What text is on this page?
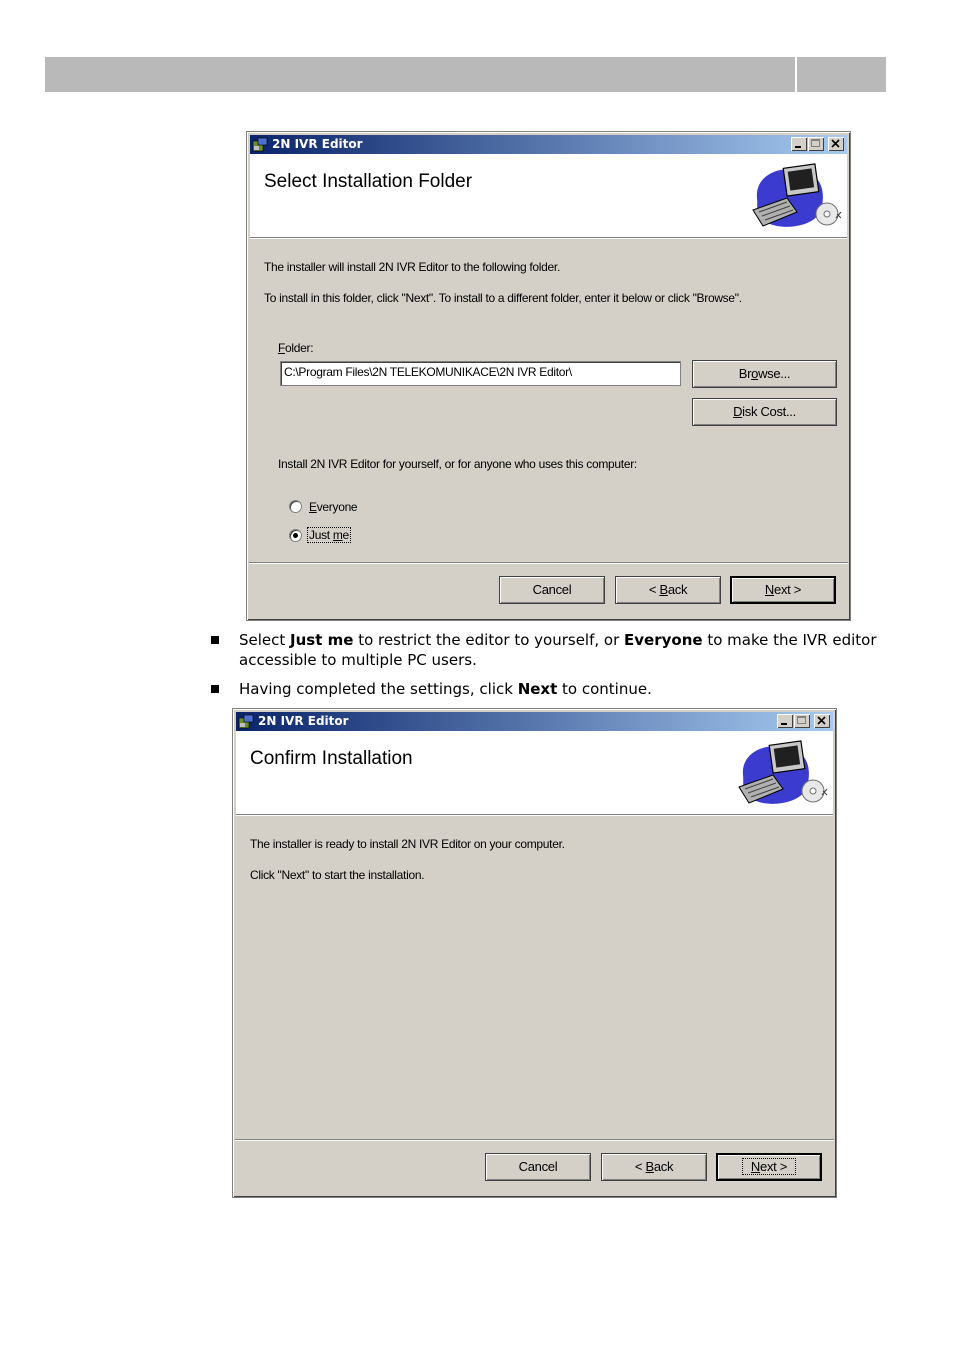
2N IVR Editor
Select Installation Folder
The installer will install 2N IVR Editor to the following folder.
To install in this folder, click "Next". To install to a different folder, enter it below or click "Browse".
Folder:
C:\Program Files\2N TELEKOMUNIKACE\2N IVR Editor\	Browse...
Disk Cost...
Install 2N IVR Editor for yourself, or for anyone who uses this computer:
Everyone
Just me
Cancel	< Back	Next >
Select Just me to restrict the editor to yourself, or Everyone to make the IVR editor accessible to multiple PC users.
Having completed the settings, click Next to continue.
2N IVR Editor
Confirm Installation
The installer is ready to install 2N IVR Editor on your computer.
Click "Next" to start the installation.
Cancel	< Back	Next >
